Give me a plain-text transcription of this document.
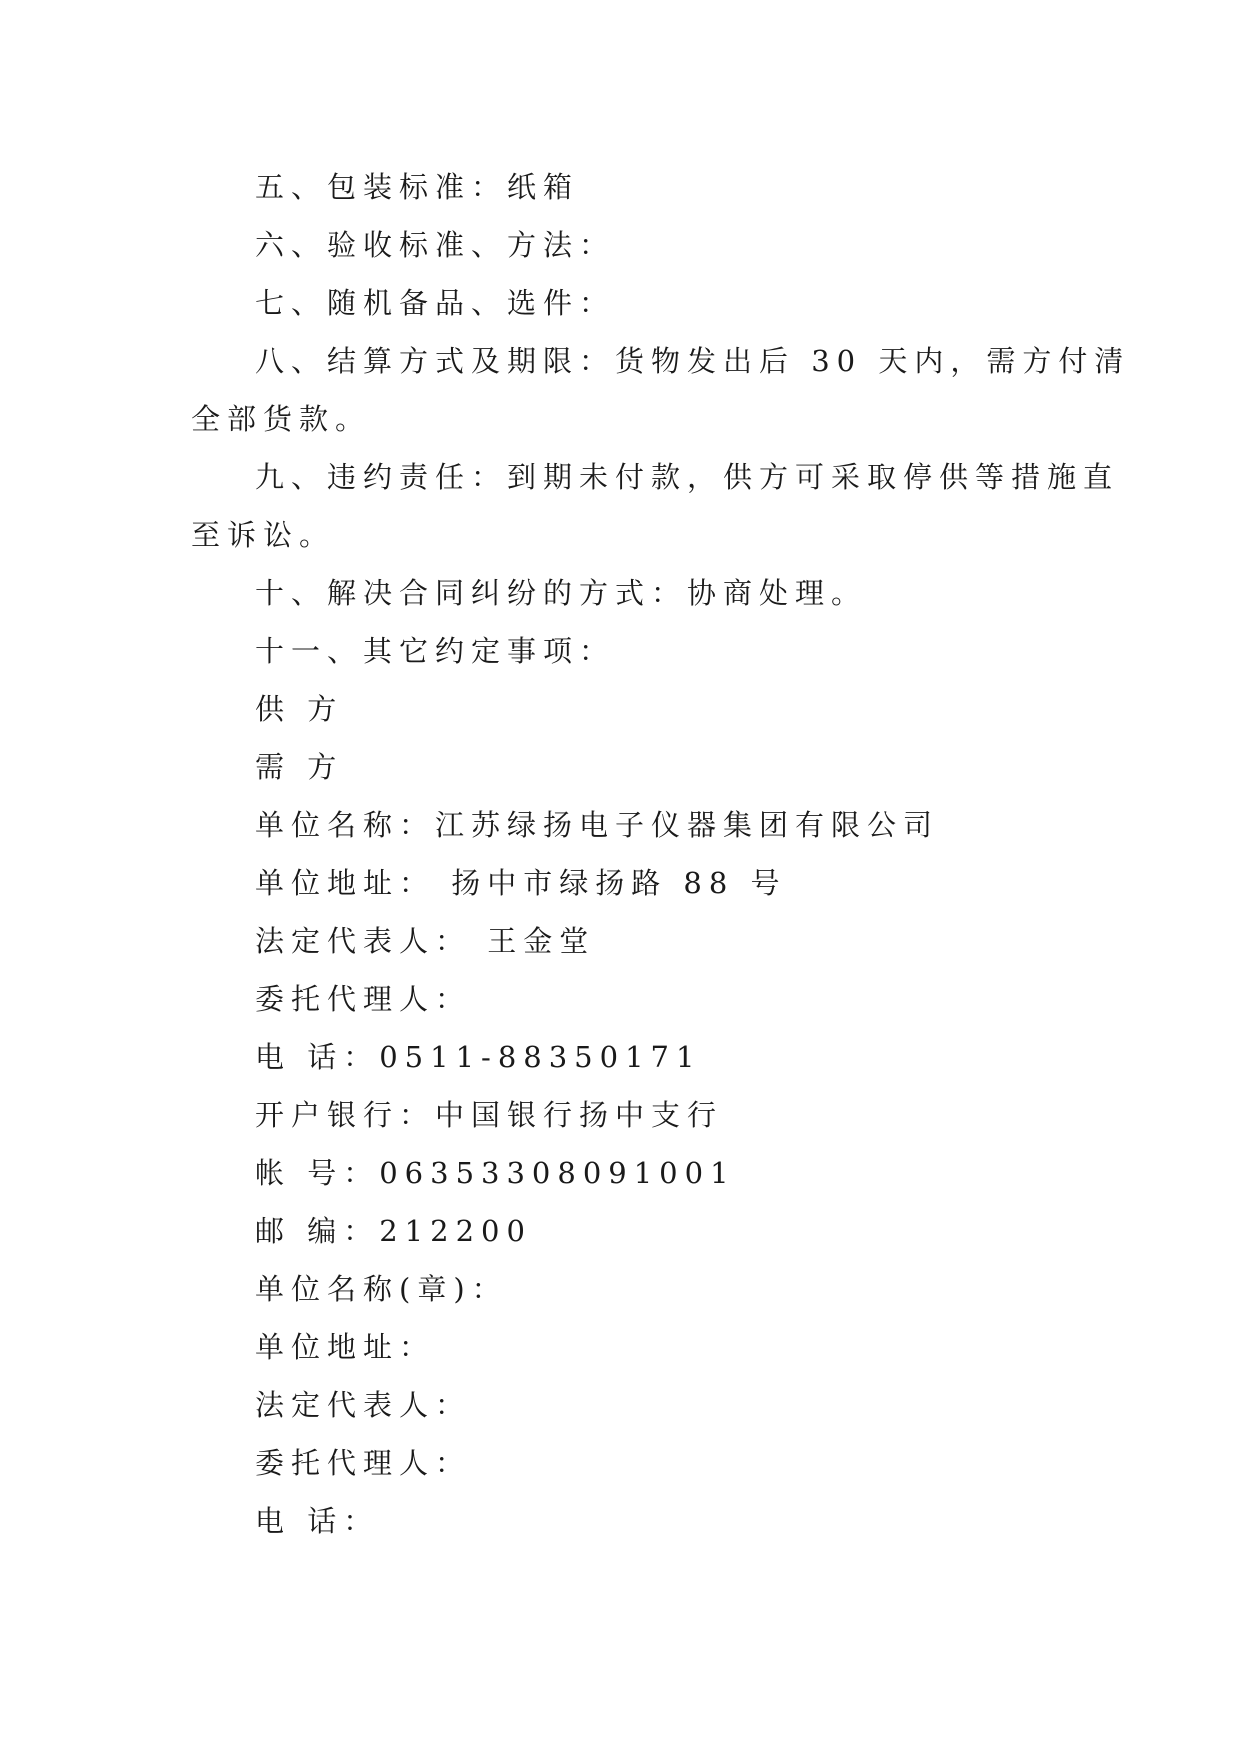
五、包装标准：纸箱
六、验收标准、方法：
七、随机备品、选件：
八、结算方式及期限：货物发出后 30 天内，需方付清
全部货款。
九、违约责任：到期未付款，供方可采取停供等措施直
至诉讼。
十、解决合同纠纷的方式：协商处理。
十一、其它约定事项：
供 方
需 方
单位名称：江苏绿扬电子仪器集团有限公司
单位地址： 扬中市绿扬路 88 号
法定代表人： 王金堂
委托代理人：
电 话：0511-88350171
开户银行：中国银行扬中支行
帐 号：06353308091001
邮 编：212200
单位名称(章)：
单位地址：
法定代表人：
委托代理人：
电 话：
